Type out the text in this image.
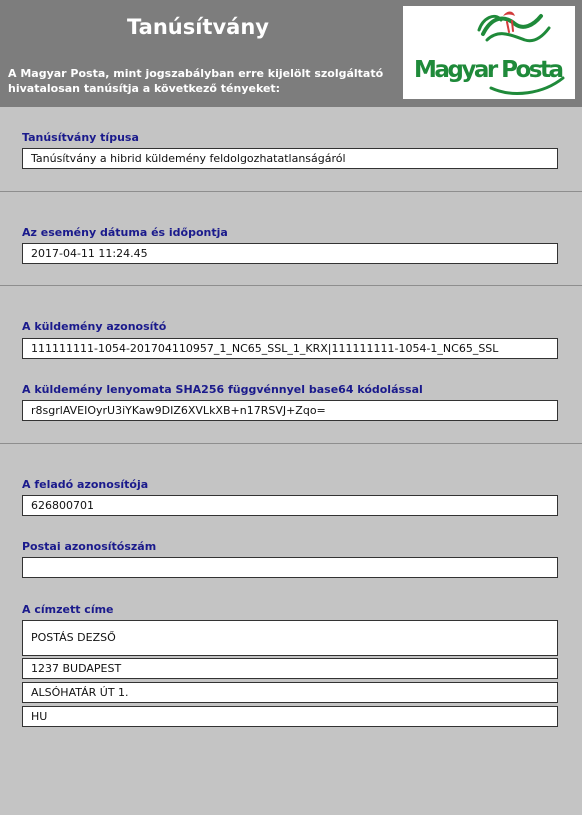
Tanúsítvány
A Magyar Posta, mint jogszabályban erre kijelölt szolgáltató hivatalosan tanúsítja a következő tényeket:
Magyar Posta
Tanúsítvány típusa
Tanúsítvány a hibrid küldemény feldolgozhatatlanságáról
Az esemény dátuma és időpontja
2017-04-11 11:24.45
A küldemény azonosító
111111111-1054-201704110957_1_NC65_SSL_1_KRX|111111111-1054-1_NC65_SSL
A küldemény lenyomata SHA256 függvénnyel base64 kódolással
r8sgrlAVEIOyrU3iYKaw9DIZ6XVLkXB+n17RSVJ+Zqo=
A feladó azonosítója
626800701
Postai azonosítószám
A címzett címe
POSTÁS DEZSŐ
1237 BUDAPEST
ALSÓHATÁR ÚT 1.
HU
